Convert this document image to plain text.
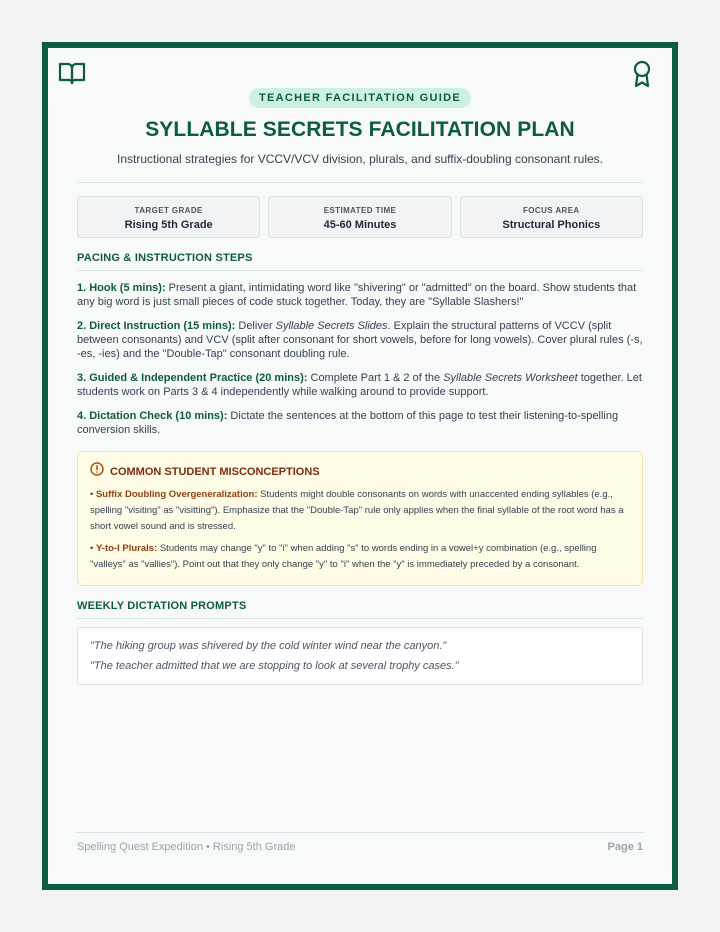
TEACHER FACILITATION GUIDE
SYLLABLE SECRETS FACILITATION PLAN
Instructional strategies for VCCV/VCV division, plurals, and suffix-doubling consonant rules.
TARGET GRADE
Rising 5th Grade
ESTIMATED TIME
45-60 Minutes
FOCUS AREA
Structural Phonics
PACING & INSTRUCTION STEPS
1. Hook (5 mins): Present a giant, intimidating word like "shivering" or "admitted" on the board. Show students that any big word is just small pieces of code stuck together. Today, they are "Syllable Slashers!"
2. Direct Instruction (15 mins): Deliver Syllable Secrets Slides. Explain the structural patterns of VCCV (split between consonants) and VCV (split after consonant for short vowels, before for long vowels). Cover plural rules (-s, -es, -ies) and the "Double-Tap" consonant doubling rule.
3. Guided & Independent Practice (20 mins): Complete Part 1 & 2 of the Syllable Secrets Worksheet together. Let students work on Parts 3 & 4 independently while walking around to provide support.
4. Dictation Check (10 mins): Dictate the sentences at the bottom of this page to test their listening-to-spelling conversion skills.
COMMON STUDENT MISCONCEPTIONS
• Suffix Doubling Overgeneralization: Students might double consonants on words with unaccented ending syllables (e.g., spelling "visiting" as "visitting"). Emphasize that the "Double-Tap" rule only applies when the final syllable of the root word has a short vowel sound and is stressed.
• Y-to-I Plurals: Students may change "y" to "i" when adding "s" to words ending in a vowel+y combination (e.g., spelling "valleys" as "vallies"). Point out that they only change "y" to "i" when the "y" is immediately preceded by a consonant.
WEEKLY DICTATION PROMPTS
"The hiking group was shivered by the cold winter wind near the canyon."
"The teacher admitted that we are stopping to look at several trophy cases."
Spelling Quest Expedition • Rising 5th Grade	Page 1
